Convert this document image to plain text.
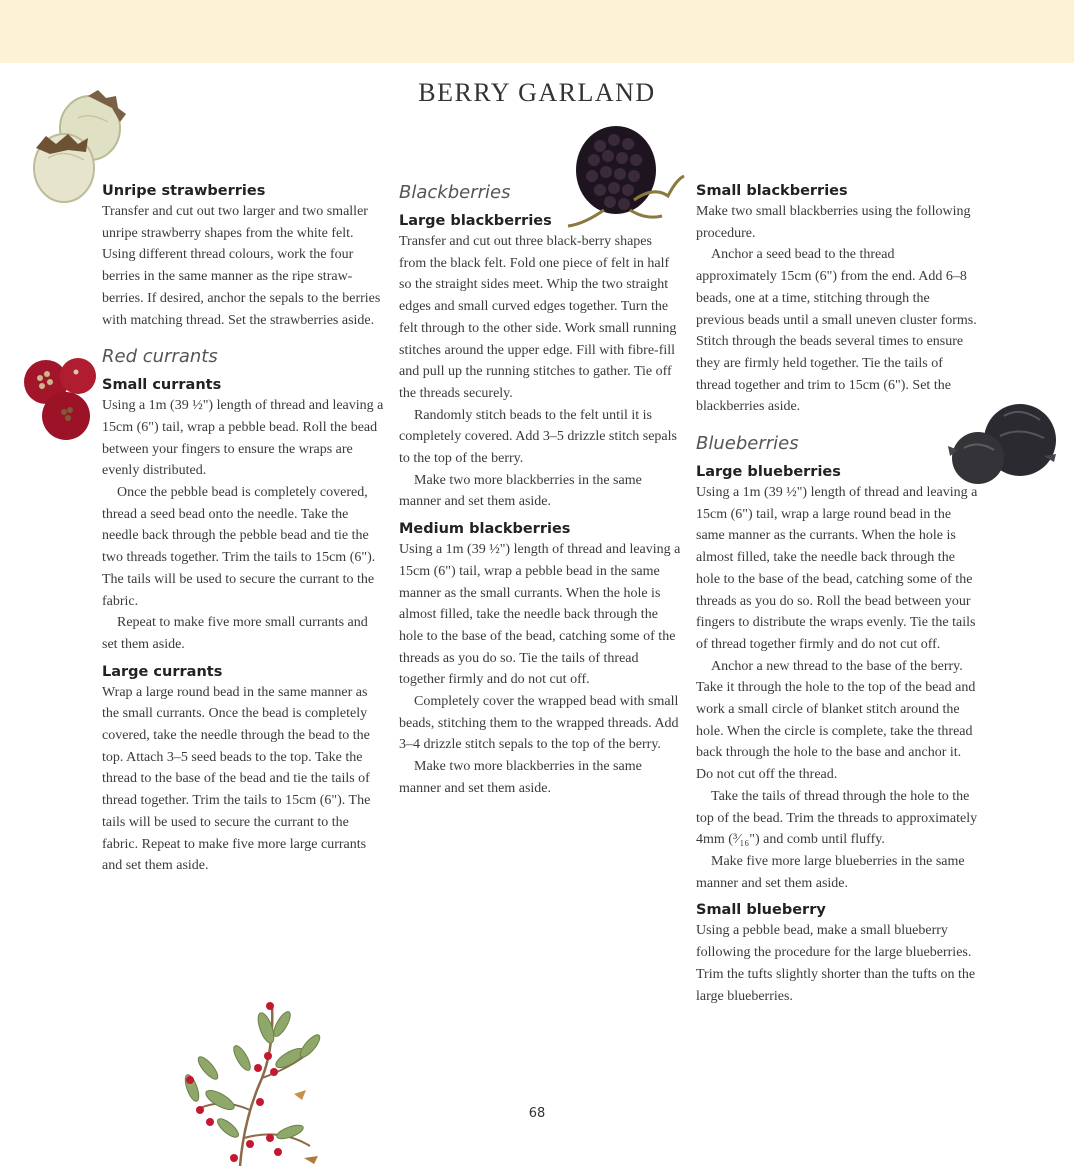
BERRY GARLAND
Unripe strawberries

Transfer and cut out two larger and two smaller unripe strawberry shapes from the white felt. Using different thread colours, work the four berries in the same manner as the ripe straw-berries. If desired, anchor the sepals to the berries with matching thread. Set the strawberries aside.

Red currants
Small currants

Using a 1m (39 ½") length of thread and leaving a 15cm (6") tail, wrap a pebble bead. Roll the bead between your fingers to ensure the wraps are evenly distributed.

Once the pebble bead is completely covered, thread a seed bead onto the needle. Take the needle back through the pebble bead and tie the two threads together. Trim the tails to 15cm (6"). The tails will be used to secure the currant to the fabric.

Repeat to make five more small currants and set them aside.

Large currants

Wrap a large round bead in the same manner as the small currants. Once the bead is completely covered, take the needle through the bead to the top. Attach 3–5 seed beads to the top. Take the thread to the base of the bead and tie the tails of thread together. Trim the tails to 15cm (6"). The tails will be used to secure the currant to the fabric. Repeat to make five more large currants and set them aside.

Blackberries
Large blackberries

Transfer and cut out three black-berry shapes from the black felt. Fold one piece of felt in half so the straight sides meet. Whip the two straight edges and small curved edges together. Turn the felt through to the other side. Work small running stitches around the upper edge. Fill with fibre-fill and pull up the running stitches to gather. Tie off the threads securely.

Randomly stitch beads to the felt until it is completely covered. Add 3–5 drizzle stitch sepals to the top of the berry.

Make two more blackberries in the same manner and set them aside.

Medium blackberries

Using a 1m (39 ½") length of thread and leaving a 15cm (6") tail, wrap a pebble bead in the same manner as the small currants. When the hole is almost filled, take the needle back through the hole to the base of the bead, catching some of the threads as you do so. Tie the tails of thread together firmly and do not cut off.

Completely cover the wrapped bead with small beads, stitching them to the wrapped threads. Add 3–4 drizzle stitch sepals to the top of the berry.

Make two more blackberries in the same manner and set them aside.

Small blackberries

Make two small blackberries using the following procedure.

Anchor a seed bead to the thread approximately 15cm (6") from the end. Add 6–8 beads, one at a time, stitching through the previous beads until a small uneven cluster forms. Stitch through the beads several times to ensure they are firmly held together. Tie the tails of thread together and trim to 15cm (6"). Set the blackberries aside.

Blueberries
Large blueberries

Using a 1m (39 ½") length of thread and leaving a 15cm (6") tail, wrap a large round bead in the same manner as the currants. When the hole is almost filled, take the needle back through the hole to the base of the bead, catching some of the threads as you do so. Roll the bead between your fingers to distribute the wraps evenly. Tie the tails of thread together firmly and do not cut off.

Anchor a new thread to the base of the berry. Take it through the hole to the top of the bead and work a small circle of blanket stitch around the hole. When the circle is complete, take the thread back through the hole to the base and anchor it. Do not cut off the thread.

Take the tails of thread through the hole to the top of the bead. Trim the threads to approximately 4mm (³⁄₁₆") and comb until fluffy.

Make five more large blueberries in the same manner and set them aside.

Small blueberry

Using a pebble bead, make a small blueberry following the procedure for the large blueberries. Trim the tufts slightly shorter than the tufts on the large blueberries.

68
